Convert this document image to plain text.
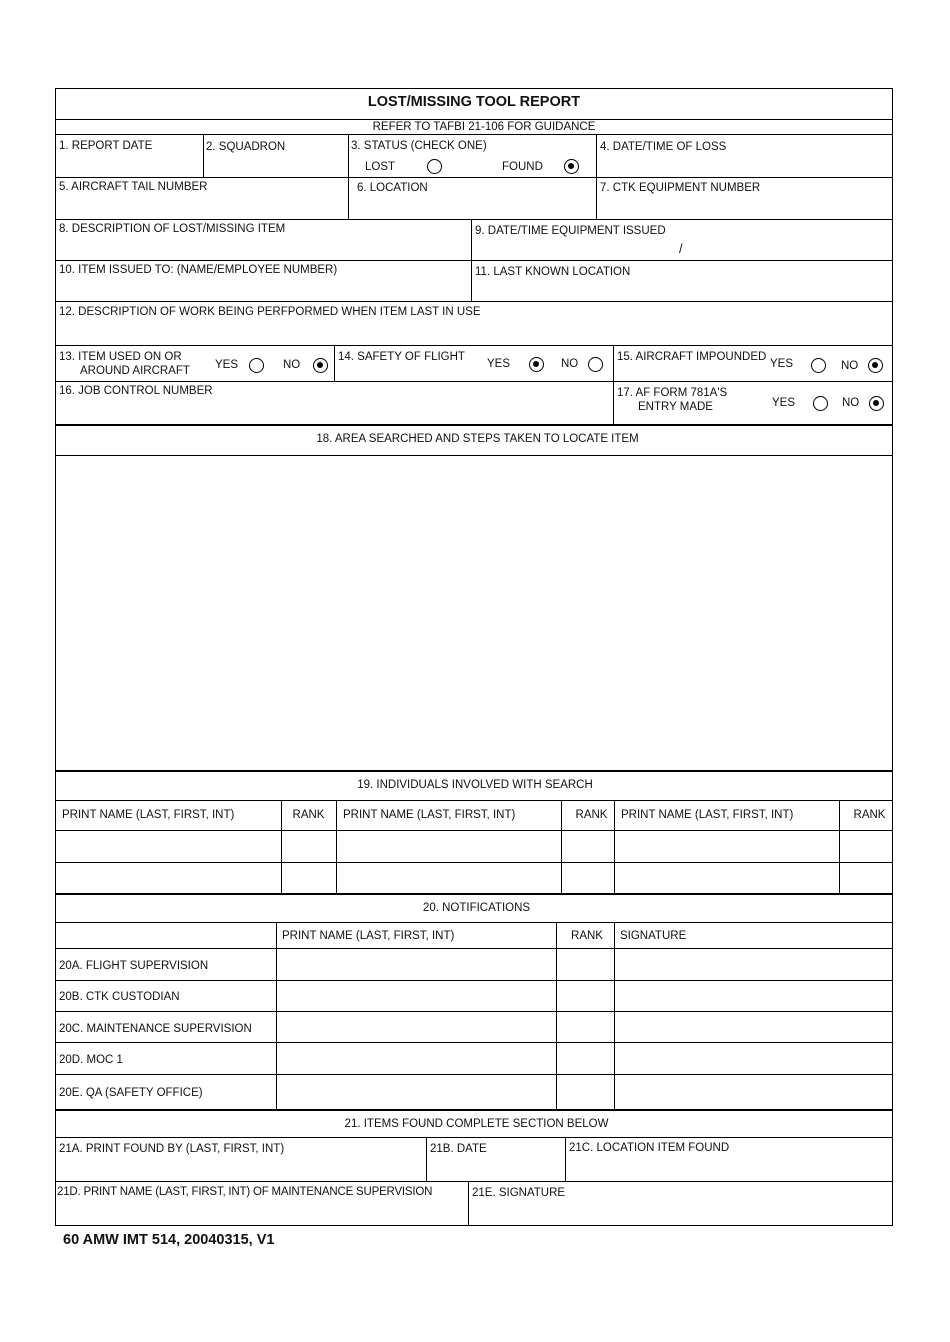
LOST/MISSING TOOL REPORT
REFER TO TAFBI 21-106 FOR GUIDANCE
1. REPORT DATE	2. SQUADRON	3. STATUS (CHECK ONE)
LOST	FOUND
4. DATE/TIME OF LOSS
5. AIRCRAFT TAIL NUMBER	6. LOCATION	7. CTK EQUIPMENT NUMBER
8. DESCRIPTION OF LOST/MISSING ITEM	9. DATE/TIME EQUIPMENT ISSUED
/
10. ITEM ISSUED TO: (NAME/EMPLOYEE NUMBER)	11. LAST KNOWN LOCATION
12. DESCRIPTION OF WORK BEING PERFPORMED WHEN ITEM LAST IN USE
13. ITEM USED ON OR
AROUND AIRCRAFT YES	NO
14. SAFETY OF FLIGHT
YES	NO
15. AIRCRAFT IMPOUNDED
YES	NO
16. JOB CONTROL NUMBER	17. AF FORM 781A'S
ENTRY MADE	YES	NO
18. AREA SEARCHED AND STEPS TAKEN TO LOCATE ITEM
19. INDIVIDUALS INVOLVED WITH SEARCH
PRINT NAME (LAST, FIRST, INT)	RANK	PRINT NAME (LAST, FIRST, INT)	RANK	PRINT NAME (LAST, FIRST, INT)	RANK
20. NOTIFICATIONS
PRINT NAME (LAST, FIRST, INT)	RANK	SIGNATURE
20A. FLIGHT SUPERVISION
20B. CTK CUSTODIAN
20C. MAINTENANCE SUPERVISION
20D. MOC 1
20E. QA (SAFETY OFFICE)
21. ITEMS FOUND COMPLETE SECTION BELOW
21A. PRINT FOUND BY (LAST, FIRST, INT)	21B. DATE	21C. LOCATION ITEM FOUND
21D. PRINT NAME (LAST, FIRST, INT) OF MAINTENANCE SUPERVISION	21E. SIGNATURE
60 AMW IMT 514, 20040315, V1
